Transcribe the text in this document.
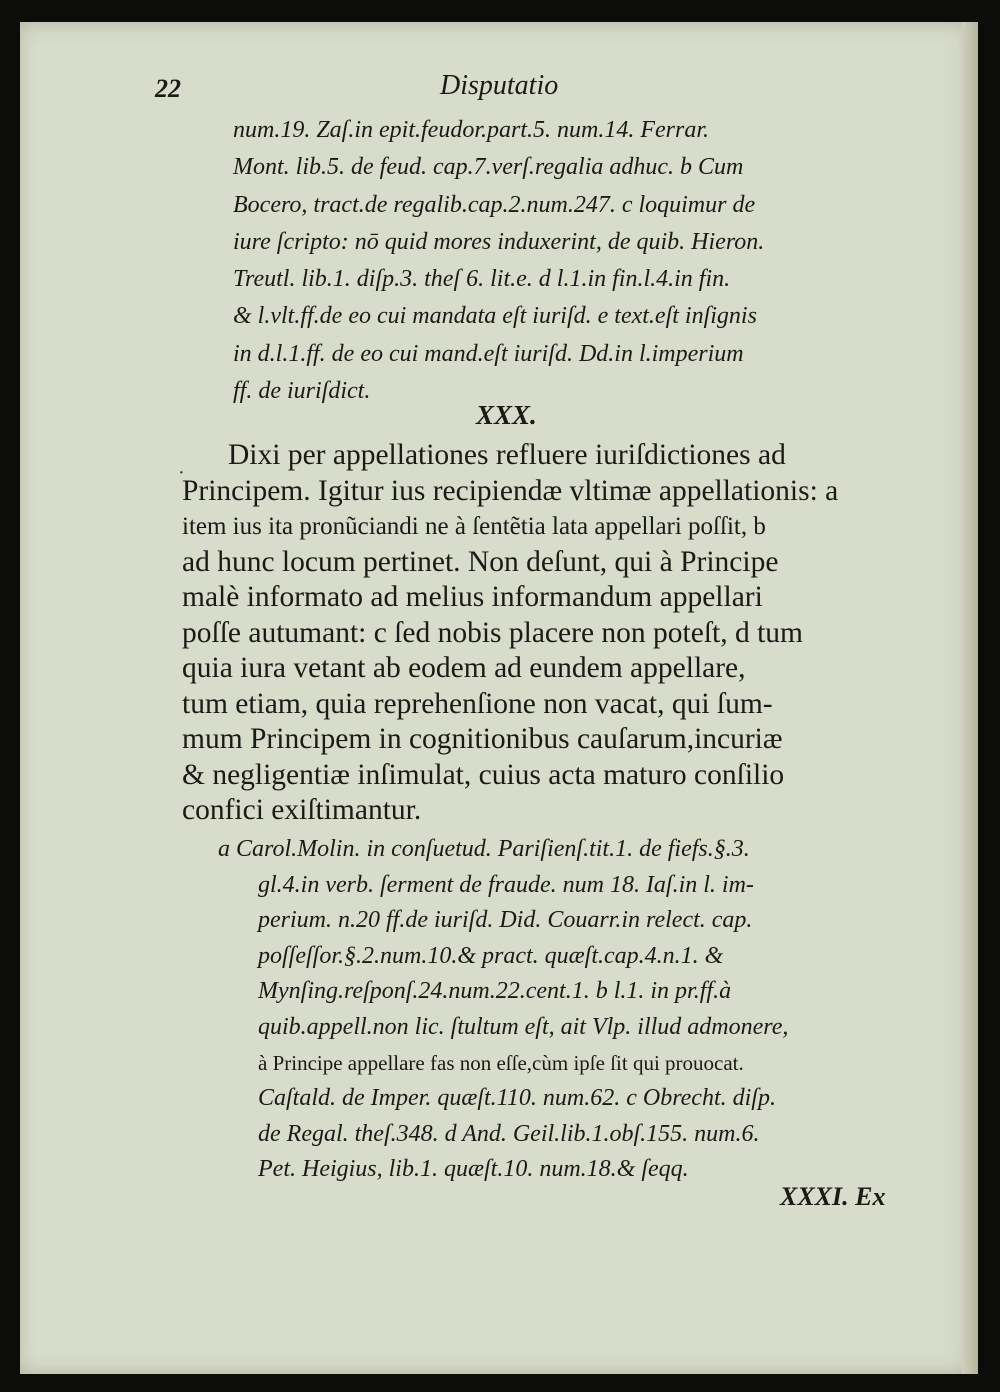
22	Disputatio
num.19. Zaſ.in epit.feudor.part.5. num.14. Ferrar.
Mont. lib.5. de feud. cap.7.verſ.regalia adhuc. b Cum
Bocero, tract.de regalib.cap.2.num.247. c loquimur de
iure ſcripto: nō quid mores induxerint, de quib. Hieron.
Treutl. lib.1. diſp.3. theſ 6. lit.e. d l.1.in fin.l.4.in fin.
& l.vlt.ff.de eo cui mandata eſt iuriſd. e text.eſt inſignis
in d.l.1.ff. de eo cui mand.eſt iuriſd. Dd.in l.imperium
ff. de iuriſdict.
XXX.
·
Dixi per appellationes refluere iuriſdictiones ad
Principem. Igitur ius recipiendæ vltimæ appellationis: a
item ius ita pronũciandi ne à ſentẽtia lata appellari poſſit, b
ad hunc locum pertinet. Non deſunt, qui à Principe
malè informato ad melius informandum appellari
poſſe autumant: c ſed nobis placere non poteſt, d tum
quia iura vetant ab eodem ad eundem appellare,
tum etiam, quia reprehenſione non vacat, qui ſum-
mum Principem in cognitionibus cauſarum,incuriæ
& negligentiæ inſimulat, cuius acta maturo conſilio
confici exiſtimantur.
a Carol.Molin. in conſuetud. Pariſienſ.tit.1. de fiefs.§.3.
gl.4.in verb. ſerment de fraude. num 18. Iaſ.in l. im-
perium. n.20 ff.de iuriſd. Did. Couarr.in relect. cap.
poſſeſſor.§.2.num.10.& pract. quæſt.cap.4.n.1. &
Mynſing.reſponſ.24.num.22.cent.1. b l.1. in pr.ff.à
quib.appell.non lic. ſtultum eſt, ait Vlp. illud admonere,
à Principe appellare fas non eſſe,cùm ipſe ſit qui prouocat.
Caſtald. de Imper. quæſt.110. num.62. c Obrecht. diſp.
de Regal. theſ.348. d And. Geil.lib.1.obſ.155. num.6.
Pet. Heigius, lib.1. quæſt.10. num.18.& ſeqq.
XXXI. Ex
